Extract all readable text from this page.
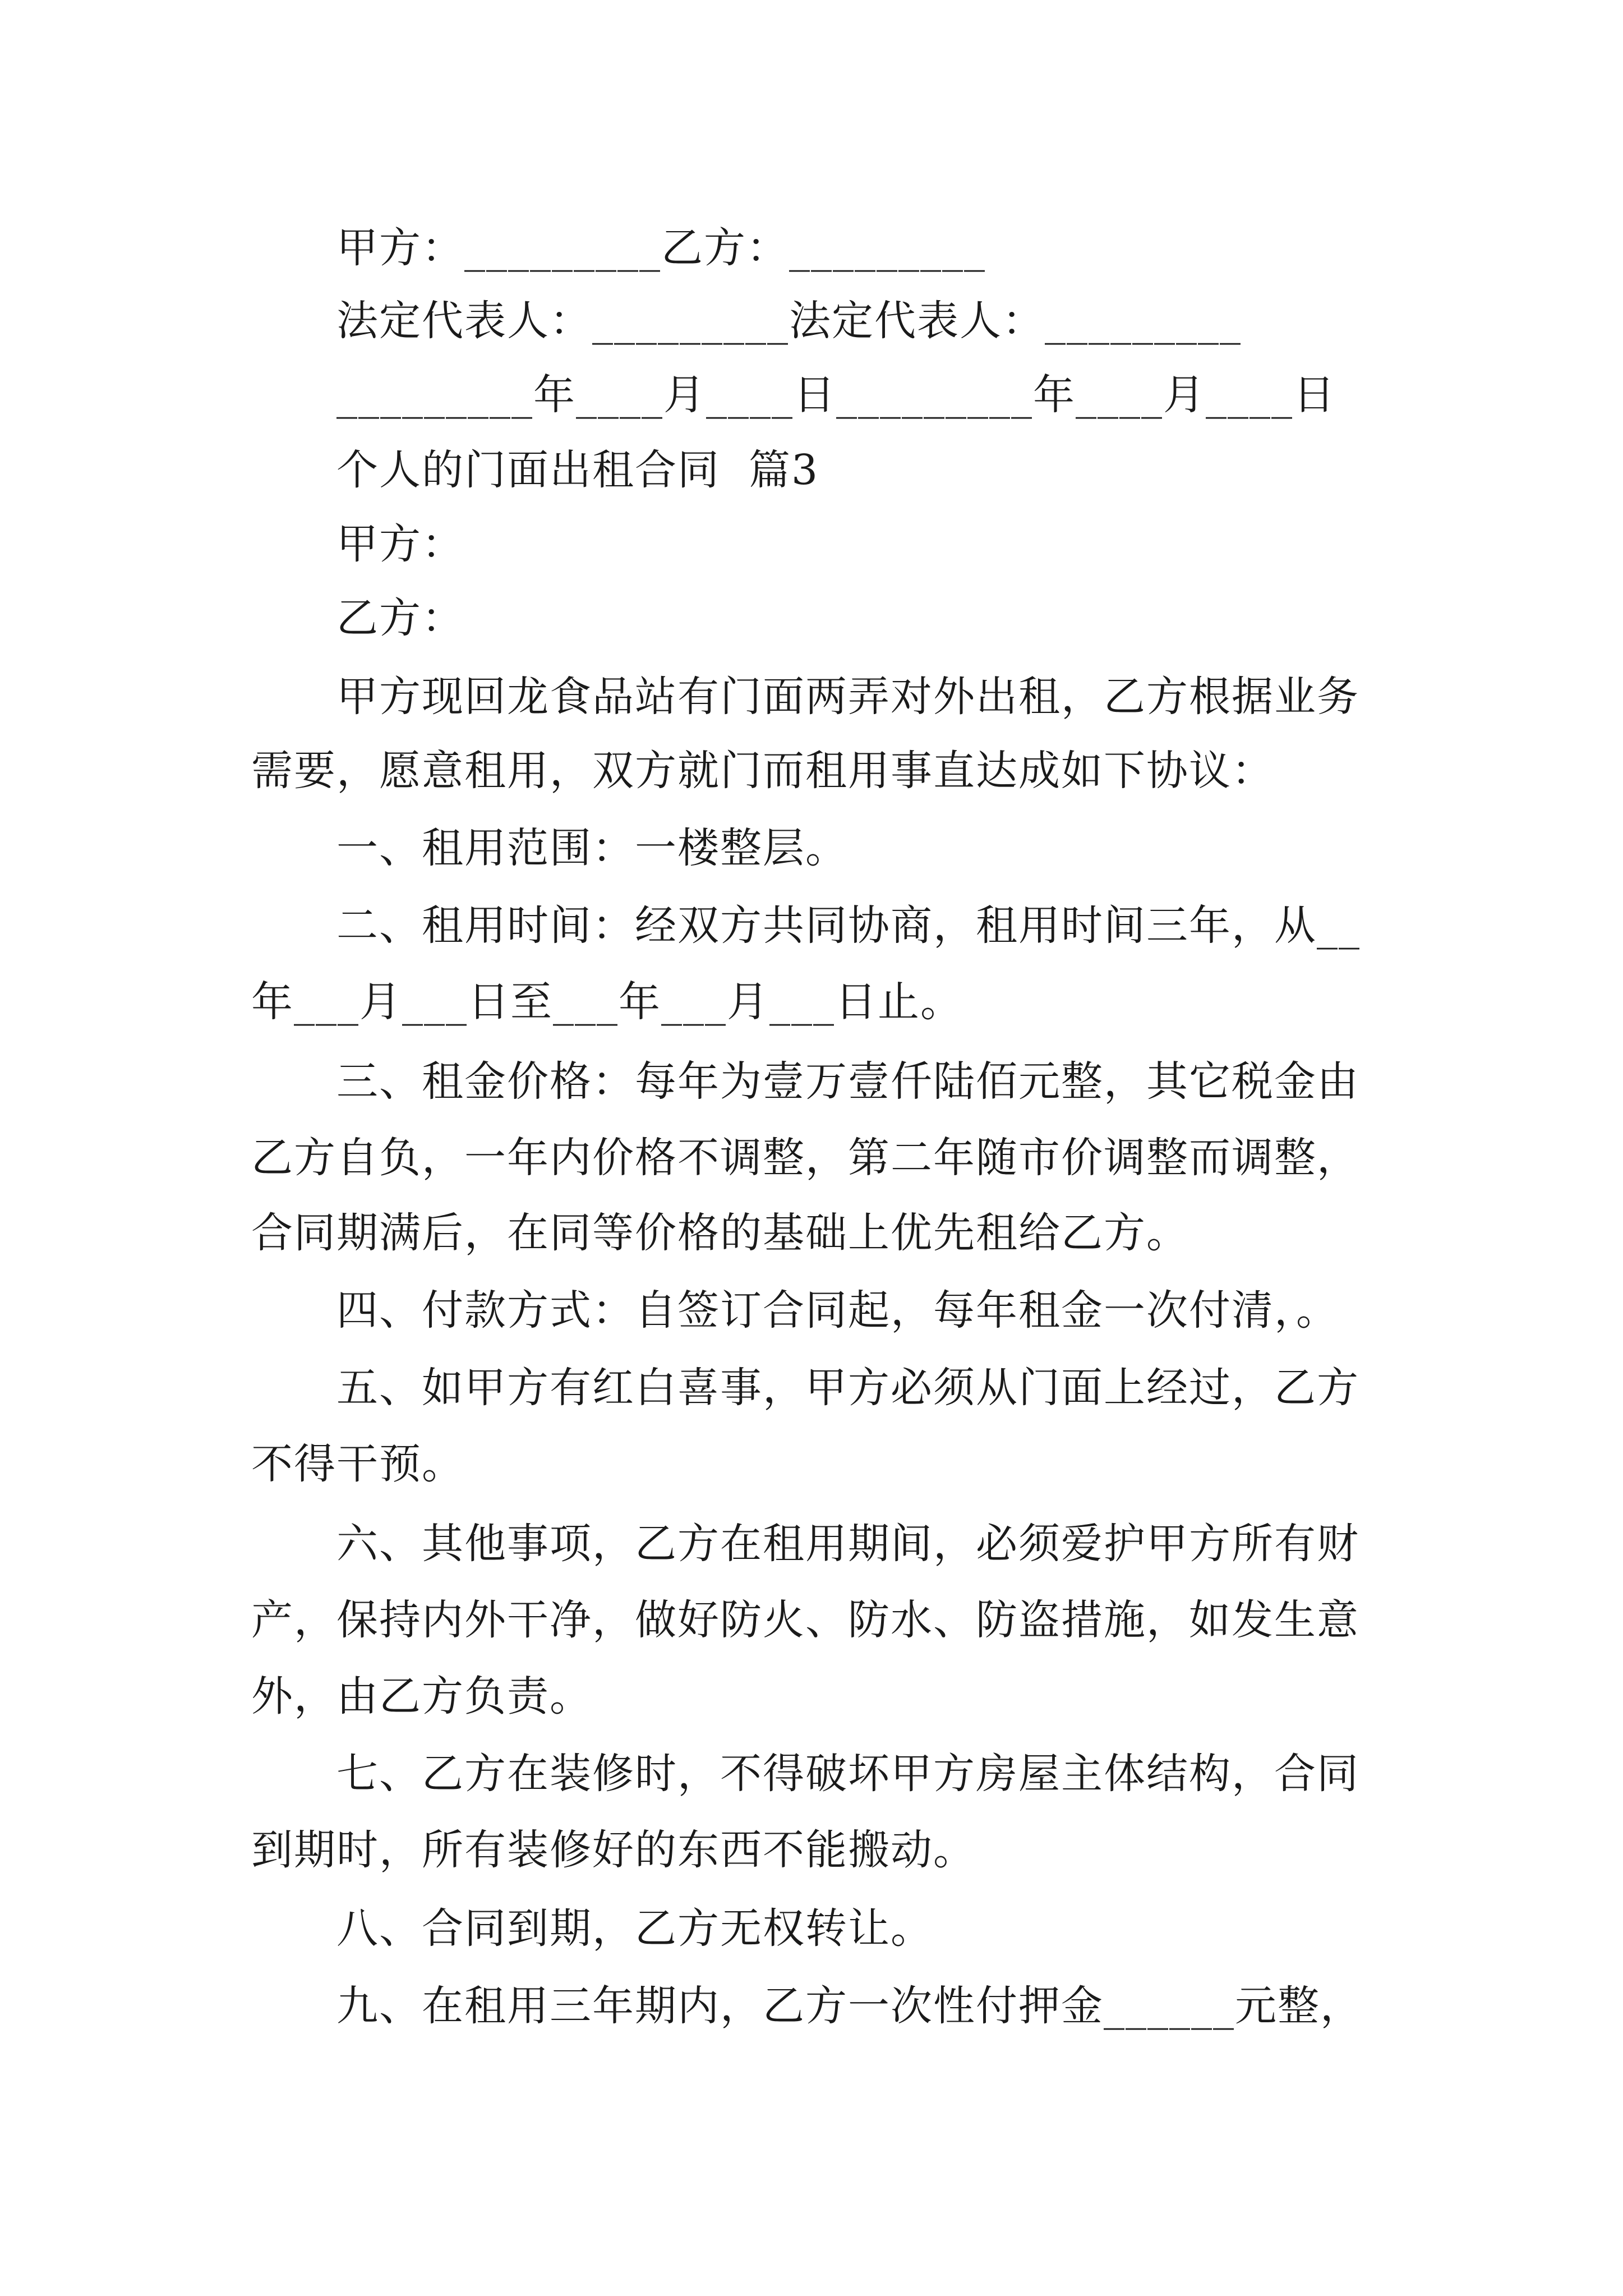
甲方：_________乙方：_________
法定代表人：_________法定代表人：_________
_________年____月____日_________年____月____日
个人的门面出租合同  篇3
甲方：
乙方：
甲方现回龙食品站有门面两弄对外出租，乙方根据业务
需要，愿意租用，双方就门而租用事直达成如下协议：
一、租用范围：一楼整层。
二、租用时间：经双方共同协商，租用时间三年，从__
年___月___日至___年___月___日止。
三、租金价格：每年为壹万壹仟陆佰元整，其它税金由
乙方自负，一年内价格不调整，第二年随市价调整而调整，
合同期满后，在同等价格的基础上优先租给乙方。
四、付款方式：自签订合同起，每年租金一次付清，。
五、如甲方有红白喜事，甲方必须从门面上经过，乙方
不得干预。
六、其他事项，乙方在租用期间，必须爱护甲方所有财
产，保持内外干净，做好防火、防水、防盗措施，如发生意
外，由乙方负责。
七、乙方在装修时，不得破坏甲方房屋主体结构，合同
到期时，所有装修好的东西不能搬动。
八、合同到期，乙方无权转让。
九、在租用三年期内，乙方一次性付押金______元整，
